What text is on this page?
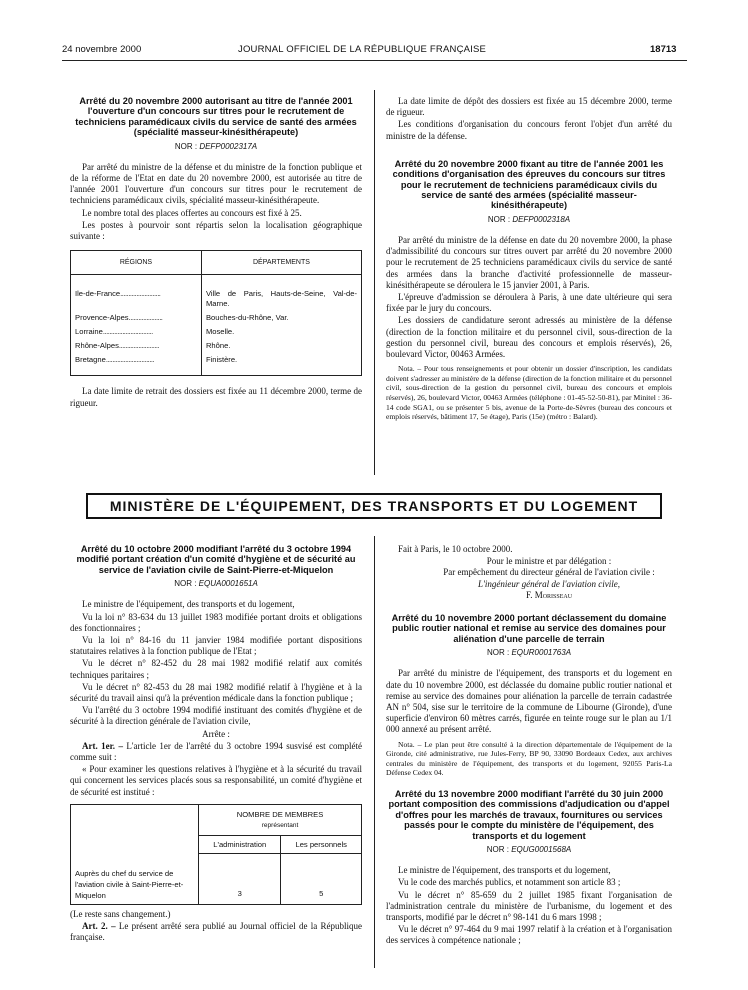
24 novembre 2000	JOURNAL OFFICIEL DE LA RÉPUBLIQUE FRANÇAISE	18713
Arrêté du 20 novembre 2000 autorisant au titre de l'année 2001 l'ouverture d'un concours sur titres pour le recrutement de techniciens paramédicaux civils du service de santé des armées (spécialité masseur-kinésithérapeute)
NOR : DEFP0002317A

Par arrêté du ministre de la défense et du ministre de la fonction publique et de la réforme de l'Etat en date du 20 novembre 2000, est autorisée au titre de l'année 2001 l'ouverture d'un concours sur titres pour le recrutement de techniciens paramédicaux civils, spécialité masseur-kinésithérapeute.

Le nombre total des places offertes au concours est fixé à 25.

Les postes à pourvoir sont répartis selon la localisation géographique suivante :

RÉGIONS	DÉPARTEMENTS
Ile-de-France.........................	Ville de Paris, Hauts-de-Seine, Val-de-Marne.
Provence-Alpes.....................	Bouches-du-Rhône, Var.
Lorraine...............................	Moselle.
Rhône-Alpes.........................	Rhône.
Bretagne..............................	Finistère.

La date limite de retrait des dossiers est fixée au 11 décembre 2000, terme de rigueur.

La date limite de dépôt des dossiers est fixée au 15 décembre 2000, terme de rigueur.

Les conditions d'organisation du concours feront l'objet d'un arrêté du ministre de la défense.

Arrêté du 20 novembre 2000 fixant au titre de l'année 2001 les conditions d'organisation des épreuves du concours sur titres pour le recrutement de techniciens paramédicaux civils du service de santé des armées (spécialité masseur-kinésithérapeute)
NOR : DEFP0002318A

Par arrêté du ministre de la défense en date du 20 novembre 2000, la phase d'admissibilité du concours sur titres ouvert par arrêté du 20 novembre 2000 pour le recrutement de 25 techniciens paramédicaux civils du service de santé des armées dans la branche d'activité professionnelle de masseur-kinésithérapeute se déroulera le 15 janvier 2001, à Paris.

L'épreuve d'admission se déroulera à Paris, à une date ultérieure qui sera fixée par le jury du concours.

Les dossiers de candidature seront adressés au ministère de la défense (direction de la fonction militaire et du personnel civil, sous-direction de la gestion du personnel civil, bureau des concours et emplois réservés), 26, boulevard Victor, 00463 Armées.

Nota. – Pour tous renseignements et pour obtenir un dossier d'inscription, les candidats doivent s'adresser au ministère de la défense (direction de la fonction militaire et du personnel civil, sous-direction de la gestion du personnel civil, bureau des concours et emplois réservés), 26, boulevard Victor, 00463 Armées (téléphone : 01-45-52-50-81), par Minitel : 36-14 code SGA1, ou se présenter 5 bis, avenue de la Porte-de-Sèvres (bureau des concours et emplois réservés, bâtiment 17, 5e étage), Paris (15e) (métro : Balard).

MINISTÈRE DE L'ÉQUIPEMENT, DES TRANSPORTS ET DU LOGEMENT
Arrêté du 10 octobre 2000 modifiant l'arrêté du 3 octobre 1994 modifié portant création d'un comité d'hygiène et de sécurité au service de l'aviation civile de Saint-Pierre-et-Miquelon
NOR : EQUA0001651A

Le ministre de l'équipement, des transports et du logement,

Vu la loi n° 83-634 du 13 juillet 1983 modifiée portant droits et obligations des fonctionnaires ;

Vu la loi n° 84-16 du 11 janvier 1984 modifiée portant dispositions statutaires relatives à la fonction publique de l'Etat ;

Vu le décret n° 82-452 du 28 mai 1982 modifié relatif aux comités techniques paritaires ;

Vu le décret n° 82-453 du 28 mai 1982 modifié relatif à l'hygiène et à la sécurité du travail ainsi qu'à la prévention médicale dans la fonction publique ;

Vu l'arrêté du 3 octobre 1994 modifié instituant des comités d'hygiène et de sécurité à la direction générale de l'aviation civile,

Arrête :

Art. 1er. – L'article 1er de l'arrêté du 3 octobre 1994 susvisé est complété comme suit :

« Pour examiner les questions relatives à l'hygiène et à la sécurité du travail qui concernent les services placés sous sa responsabilité, un comité d'hygiène et de sécurité est institué :

	NOMBRE DE MEMBRES
représentant	

	L'administration	Les personnels
Auprès du chef du service de l'aviation civile à Saint-Pierre-et-Miquelon	3	5

(Le reste sans changement.)

Art. 2. – Le présent arrêté sera publié au Journal officiel de la République française.

Fait à Paris, le 10 octobre 2000.

Pour le ministre et par délégation :
Par empêchement du directeur général de l'aviation civile :
L'ingénieur général de l'aviation civile,
F. Morisseau
Arrêté du 10 novembre 2000 portant déclassement du domaine public routier national et remise au service des domaines pour aliénation d'une parcelle de terrain
NOR : EQUR0001763A

Par arrêté du ministre de l'équipement, des transports et du logement en date du 10 novembre 2000, est déclassée du domaine public routier national et remise au service des domaines pour aliénation la parcelle de terrain cadastrée AN n° 504, sise sur le territoire de la commune de Libourne (Gironde), d'une superficie d'environ 60 mètres carrés, figurée en teinte rouge sur le plan au 1/1 000 annexé au présent arrêté.

Nota. – Le plan peut être consulté à la direction départementale de l'équipement de la Gironde, cité administrative, rue Jules-Ferry, BP 90, 33090 Bordeaux Cedex, aux archives centrales du ministère de l'équipement, des transports et du logement, 92055 Paris-La Défense Cedex 04.

Arrêté du 13 novembre 2000 modifiant l'arrêté du 30 juin 2000 portant composition des commissions d'adjudication ou d'appel d'offres pour les marchés de travaux, fournitures ou services passés pour le compte du ministère de l'équipement, des transports et du logement
NOR : EQUG0001568A

Le ministre de l'équipement, des transports et du logement,

Vu le code des marchés publics, et notamment son article 83 ;

Vu le décret n° 85-659 du 2 juillet 1985 fixant l'organisation de l'administration centrale du ministère de l'urbanisme, du logement et des transports, modifié par le décret n° 98-141 du 6 mars 1998 ;

Vu le décret n° 97-464 du 9 mai 1997 relatif à la création et à l'organisation des services à compétence nationale ;
